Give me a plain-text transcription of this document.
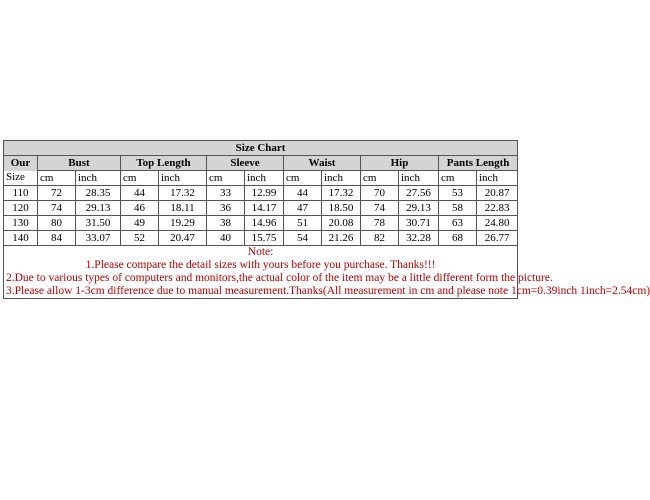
Size Chart												
Our	Bust		Top Length		Sleeve		Waist		Hip		Pants Length	
Size	cm	inch	cm	inch	cm	inch	cm	inch	cm	inch	cm	inch
110	72	28.35	44	17.32	33	12.99	44	17.32	70	27.56	53	20.87
120	74	29.13	46	18.11	36	14.17	47	18.50	74	29.13	58	22.83
130	80	31.50	49	19.29	38	14.96	51	20.08	78	30.71	63	24.80
140	84	33.07	52	20.47	40	15.75	54	21.26	82	32.28	68	26.77

Note:
1.Please compare the detail sizes with yours before you purchase. Thanks!!!
2.Due to various types of computers and monitors,the actual color of the item may be a little different form the picture.
3.Please allow 1-3cm difference due to manual measurement.Thanks(All measurement in cm and please note 1cm=0.39inch 1inch=2.54cm)												
